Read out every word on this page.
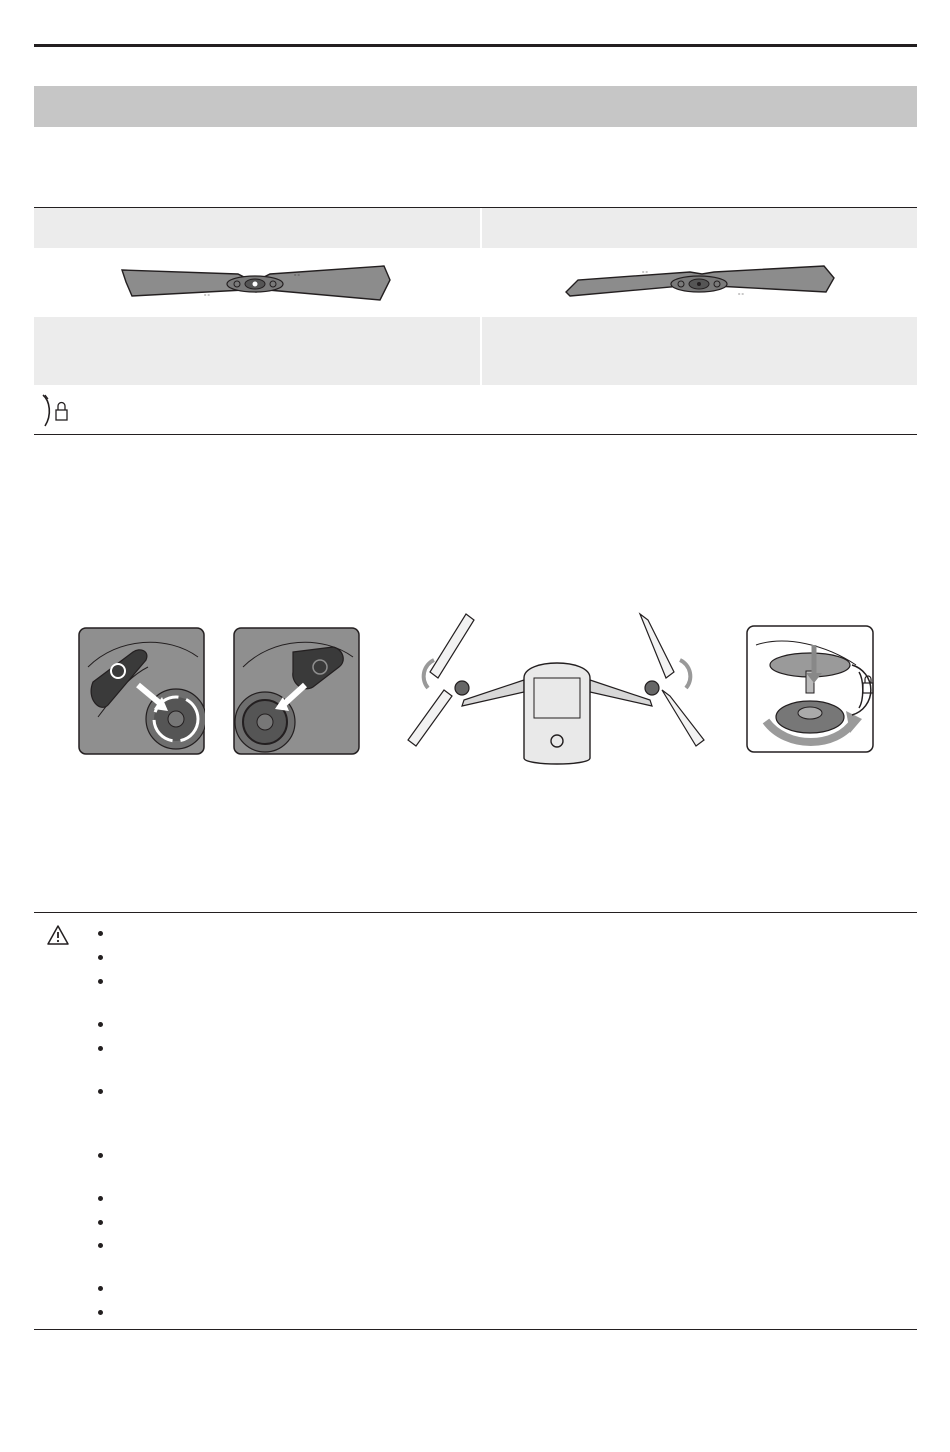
= =
= =
= =
= =
